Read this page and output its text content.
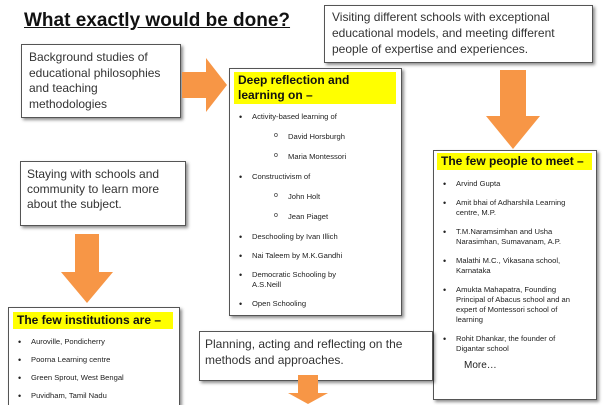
What exactly would be done?	Visiting different schools with exceptional educational models, and meeting different people of expertise and experiences.
Background studies of educational philosophies and teaching methodologies
Deep reflection and learning on –
• Activity-based learning of
o David Horsburgh
o Maria Montessori
• Constructivism of
o John Holt
o Jean Piaget
• Deschooling by Ivan Illich
• Nai Taleem by M.K.Gandhi
• Democratic Schooling by A.S.Neill
• Open Schooling
The few people to meet –
• Arvind Gupta
• Amit bhai of Adharshila Learning centre, M.P.
• T.M.Naramsimhan and Usha Narasimhan, Sumavanam, A.P.
• Malathi M.C., Vikasana school, Karnataka
• Amukta Mahapatra, Founding Principal of Abacus school and an expert of Montessori school of learning
• Rohit Dhankar, the founder of Digantar school
More…
Staying with schools and community to learn more about the subject.
The few institutions are –
• Auroville, Pondicherry
• Poorna Learning centre
• Green Sprout, West Bengal
• Puvidham, Tamil Nadu
Planning, acting and reflecting on the methods and approaches.
